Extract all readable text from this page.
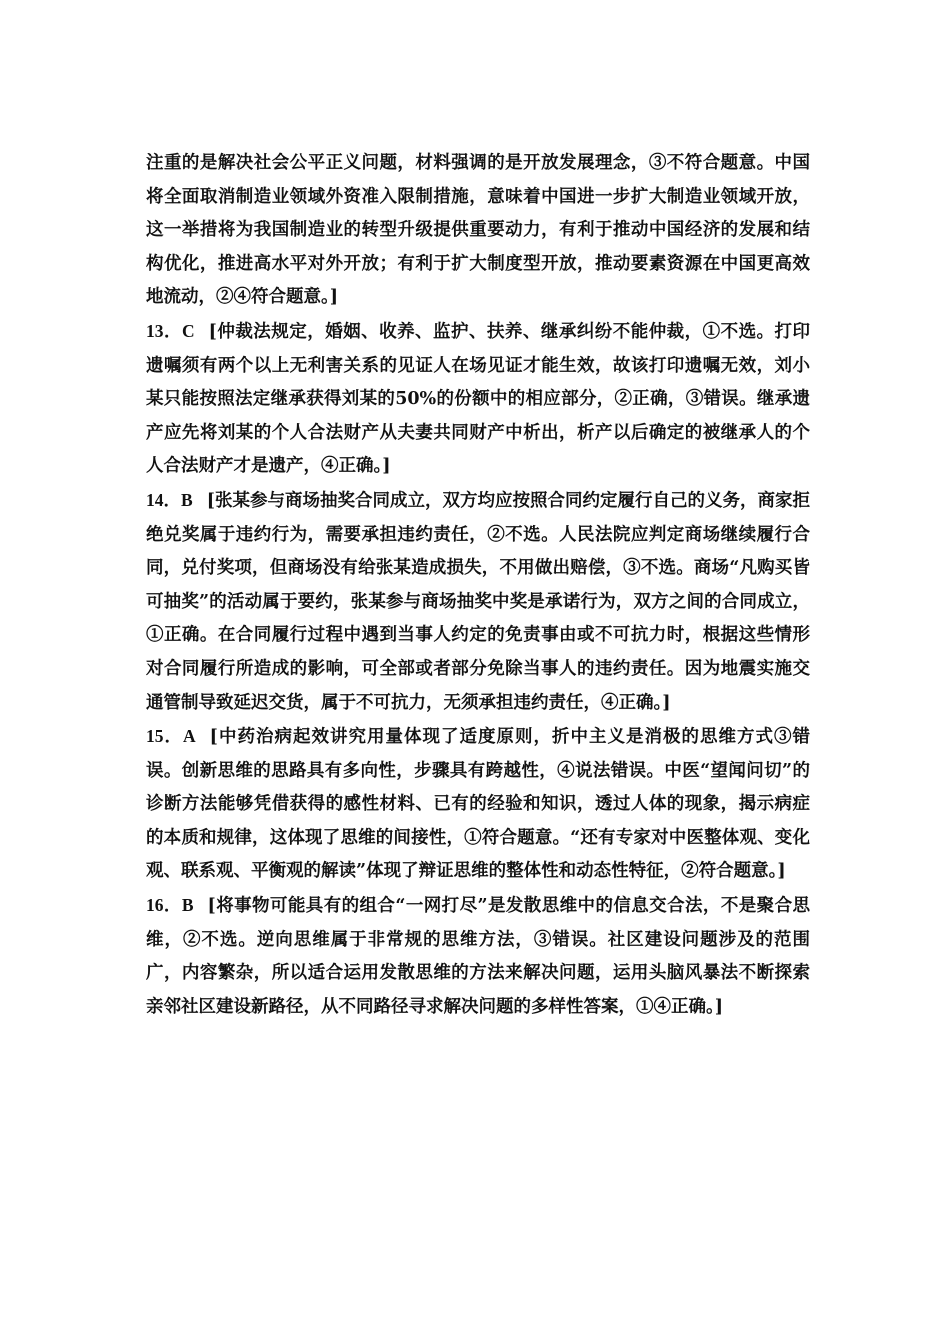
注重的是解决社会公平正义问题，材料强调的是开放发展理念，③不符合题意。中国将全面取消制造业领域外资准入限制措施，意味着中国进一步扩大制造业领域开放，这一举措将为我国制造业的转型升级提供重要动力，有利于推动中国经济的发展和结构优化，推进高水平对外开放；有利于扩大制度型开放，推动要素资源在中国更高效地流动，②④符合题意。]

13．C [仲裁法规定，婚姻、收养、监护、扶养、继承纠纷不能仲裁，①不选。打印遗嘱须有两个以上无利害关系的见证人在场见证才能生效，故该打印遗嘱无效，刘小某只能按照法定继承获得刘某的50%的份额中的相应部分，②正确，③错误。继承遗产应先将刘某的个人合法财产从夫妻共同财产中析出，析产以后确定的被继承人的个人合法财产才是遗产，④正确。]

14．B [张某参与商场抽奖合同成立，双方均应按照合同约定履行自己的义务，商家拒绝兑奖属于违约行为，需要承担违约责任，②不选。人民法院应判定商场继续履行合同，兑付奖项，但商场没有给张某造成损失，不用做出赔偿，③不选。商场“凡购买皆可抽奖”的活动属于要约，张某参与商场抽奖中奖是承诺行为，双方之间的合同成立，①正确。在合同履行过程中遇到当事人约定的免责事由或不可抗力时，根据这些情形对合同履行所造成的影响，可全部或者部分免除当事人的违约责任。因为地震实施交通管制导致延迟交货，属于不可抗力，无须承担违约责任，④正确。]

15．A [中药治病起效讲究用量体现了适度原则，折中主义是消极的思维方式③错误。创新思维的思路具有多向性，步骤具有跨越性，④说法错误。中医“望闻问切”的诊断方法能够凭借获得的感性材料、已有的经验和知识，透过人体的现象，揭示病症的本质和规律，这体现了思维的间接性，①符合题意。“还有专家对中医整体观、变化观、联系观、平衡观的解读”体现了辩证思维的整体性和动态性特征，②符合题意。]

16．B [将事物可能具有的组合“一网打尽”是发散思维中的信息交合法，不是聚合思维，②不选。逆向思维属于非常规的思维方法，③错误。社区建设问题涉及的范围广，内容繁杂，所以适合运用发散思维的方法来解决问题，运用头脑风暴法不断探索亲邻社区建设新路径，从不同路径寻求解决问题的多样性答案，①④正确。]
